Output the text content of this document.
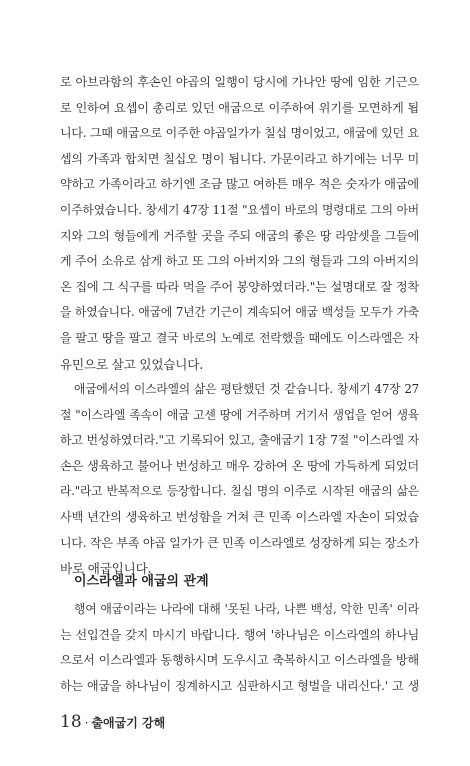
로 아브라함의 후손인 야곱의 일행이 당시에 가나안 땅에 임한 기근으
로 인하여 요셉이 총리로 있던 애굽으로 이주하여 위기를 모면하게 됩
니다. 그때 애굽으로 이주한 야곱일가가 칠십 명이었고, 애굽에 있던 요
셉의 가족과 합치면 칠십오 명이 됩니다. 가문이라고 하기에는 너무 미
약하고 가족이라고 하기엔 조금 많고 여하튼 매우 적은 숫자가 애굽에
이주하였습니다. 창세기 47장 11절 "요셉이 바로의 명령대로 그의 아버
지와 그의 형들에게 거주할 곳을 주되 애굽의 좋은 땅 라암셋을 그들에
게 주어 소유로 삼게 하고 또 그의 아버지와 그의 형들과 그의 아버지의
온 집에 그 식구를 따라 먹을 주어 봉양하였더라."는 설명대로 잘 정착
을 하였습니다. 애굽에 7년간 기근이 계속되어 애굽 백성들 모두가 가축
을 팔고 땅을 팔고 결국 바로의 노예로 전락했을 때에도 이스라엘은 자
유민으로 살고 있었습니다.
애굽에서의 이스라엘의 삶은 평탄했던 것 같습니다. 창세기 47장 27
절 "이스라엘 족속이 애굽 고센 땅에 거주하며 거기서 생업을 얻어 생육
하고 번성하였더라."고 기록되어 있고, 출애굽기 1장 7절 "이스라엘 자
손은 생육하고 불어나 번성하고 매우 강하여 온 땅에 가득하게 되었더
라."라고 반복적으로 등장합니다. 칠십 명의 이주로 시작된 애굽의 삶은
사백 년간의 생육하고 번성함을 거쳐 큰 민족 이스라엘 자손이 되었습
니다. 작은 부족 야곱 일가가 큰 민족 이스라엘로 성장하게 되는 장소가
바로 애굽입니다.
이스라엘과 애굽의 관계
행여 애굽이라는 나라에 대해 '못된 나라, 나쁜 백성, 악한 민족' 이라
는 선입견을 갖지 마시기 바랍니다. 행여 '하나님은 이스라엘의 하나님
으로서 이스라엘과 동행하시며 도우시고 축복하시고 이스라엘을 방해
하는 애굽을 하나님이 징계하시고 심판하시고 형벌을 내리신다.' 고 생
18 · 출애굽기 강해
